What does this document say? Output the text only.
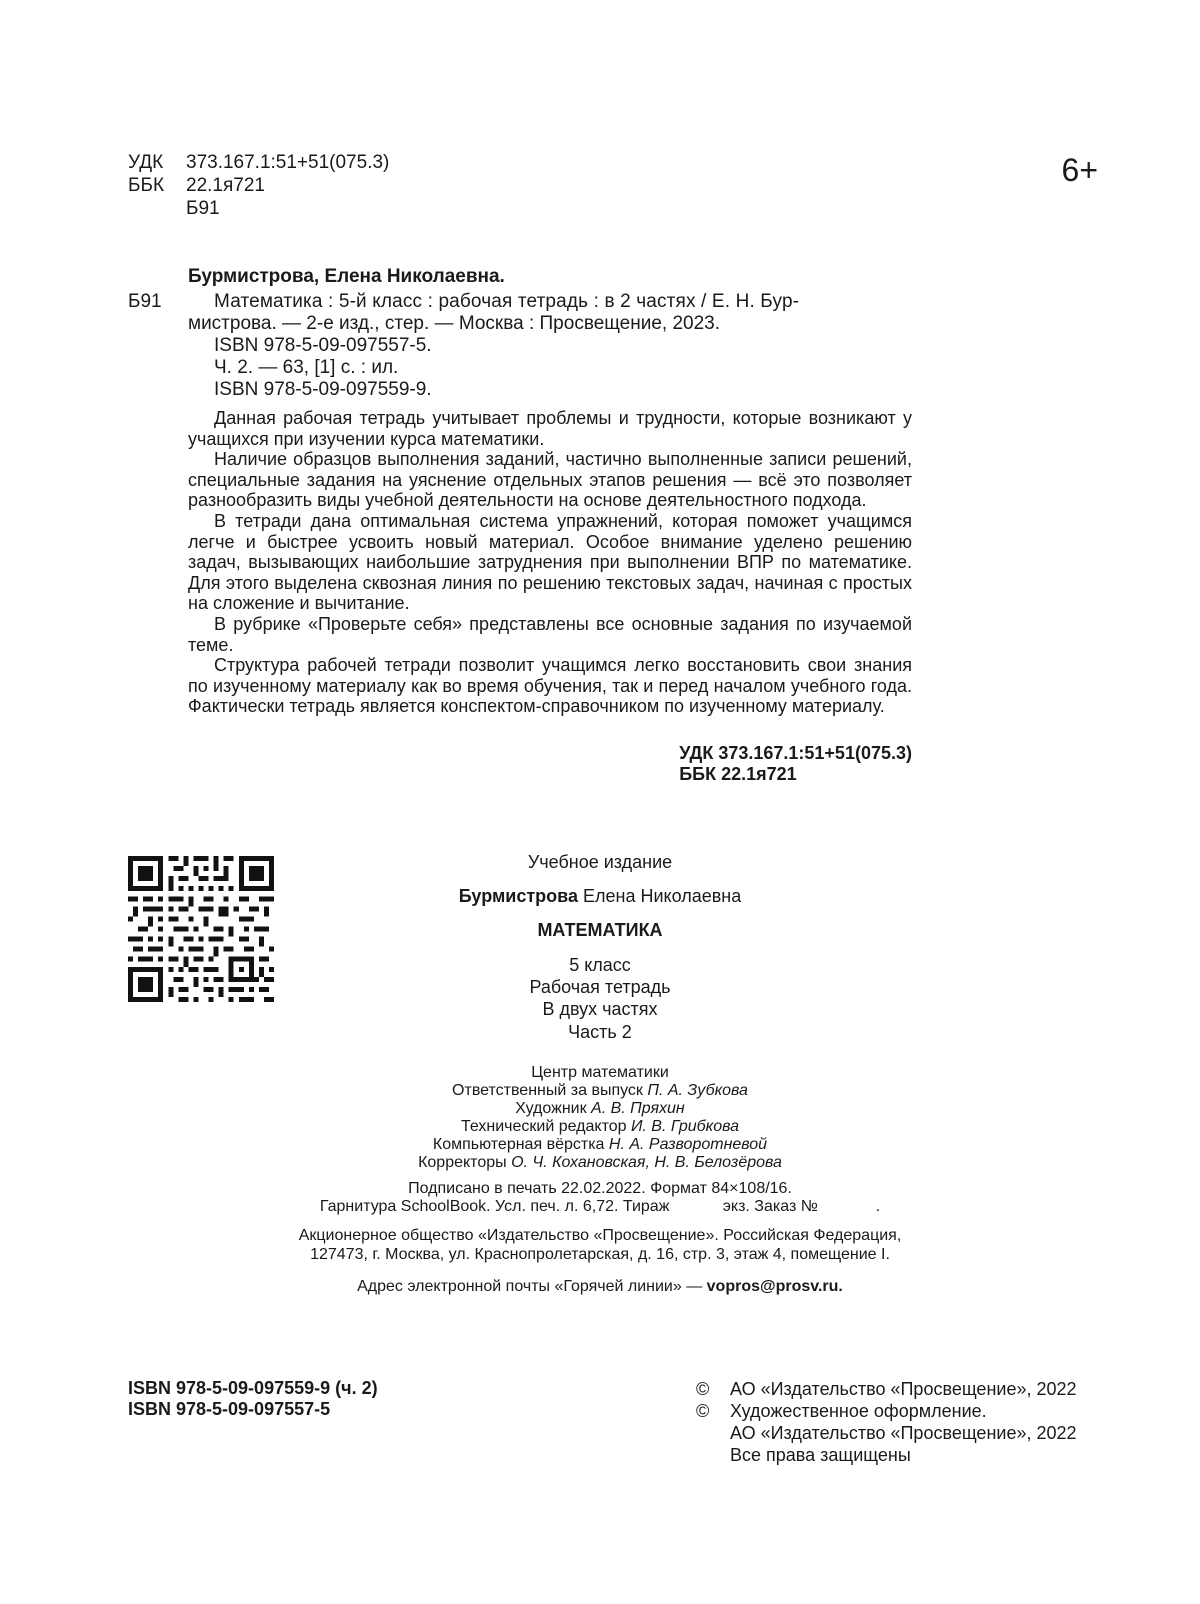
УДК	373.167.1:51+51(075.3)
ББК	22.1я721
Б91
6+
Бурмистрова, Елена Николаевна.
Б91	Математика : 5-й класс : рабочая тетрадь : в 2 частях / Е. Н. Бур-
мистрова. — 2-е изд., стер. — Москва : Просвещение, 2023.
ISBN 978-5-09-097557-5.
Ч. 2. — 63, [1] с. : ил.
ISBN 978-5-09-097559-9.

Данная рабочая тетрадь учитывает проблемы и трудности, которые возникают у учащихся при изучении курса математики.

Наличие образцов выполнения заданий, частично выполненные записи решений, специальные задания на уяснение отдельных этапов решения — всё это позволяет разнообразить виды учебной деятельности на основе деятельностного подхода.

В тетради дана оптимальная система упражнений, которая поможет учащимся легче и быстрее усвоить новый материал. Особое внимание уделено решению задач, вызывающих наибольшие затруднения при выполнении ВПР по математике. Для этого выделена сквозная линия по решению текстовых задач, начиная с простых на сложение и вычитание.

В рубрике «Проверьте себя» представлены все основные задания по изучаемой теме.

Структура рабочей тетради позволит учащимся легко восстановить свои знания по изученному материалу как во время обучения, так и перед началом учебного года. Фактически тетрадь является конспектом-справочником по изученному материалу.

УДК 373.167.1:51+51(075.3)
ББК 22.1я721
Учебное издание
Бурмистрова Елена Николаевна
МАТЕМАТИКА
5 класс
Рабочая тетрадь
В двух частях
Часть 2
Центр математики
Ответственный за выпуск П. А. Зубкова
Художник А. В. Пряхин
Технический редактор И. В. Грибкова
Компьютерная вёрстка Н. А. Разворотневой
Корректоры О. Ч. Кохановская, Н. В. Белозёрова
Подписано в печать 22.02.2022. Формат 84×108/16.
Гарнитура SchoolBook. Усл. печ. л. 6,72. Тираж            экз. Заказ №             .
Акционерное общество «Издательство «Просвещение». Российская Федерация,
127473, г. Москва, ул. Краснопролетарская, д. 16, стр. 3, этаж 4, помещение I.
Адрес электронной почты «Горячей линии» — vopros@prosv.ru.
ISBN 978-5-09-097559-9 (ч. 2)
ISBN 978-5-09-097557-5
©	АО «Издательство «Просвещение», 2022
©	Художественное оформление.
АО «Издательство «Просвещение», 2022
Все права защищены
